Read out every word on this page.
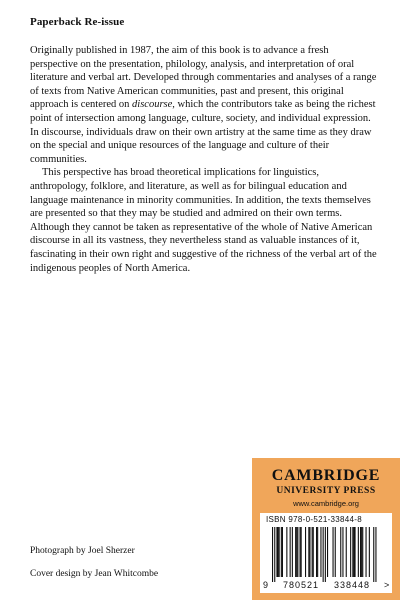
Paperback Re-issue

Originally published in 1987, the aim of this book is to advance a fresh perspective on the presentation, philology, analysis, and interpretation of oral literature and verbal art. Developed through commentaries and analyses of a range of texts from Native American communities, past and present, this original approach is centered on discourse, which the contributors take as being the richest point of intersection among language, culture, society, and individual expression. In discourse, individuals draw on their own artistry at the same time as they draw on the special and unique resources of the language and culture of their communities.

This perspective has broad theoretical implications for linguistics, anthropology, folklore, and literature, as well as for bilingual education and language maintenance in minority communities. In addition, the texts themselves are presented so that they may be studied and admired on their own terms. Although they cannot be taken as representative of the whole of Native American discourse in all its vastness, they nevertheless stand as valuable instances of it, fascinating in their own right and suggestive of the richness of the verbal art of the indigenous peoples of North America.

Photograph by Joel Sherzer
Cover design by Jean Whitcombe
CAMBRIDGE
UNIVERSITY PRESS
www.cambridge.org
ISBN 978-0-521-33844-8
9 780521 338448 >
